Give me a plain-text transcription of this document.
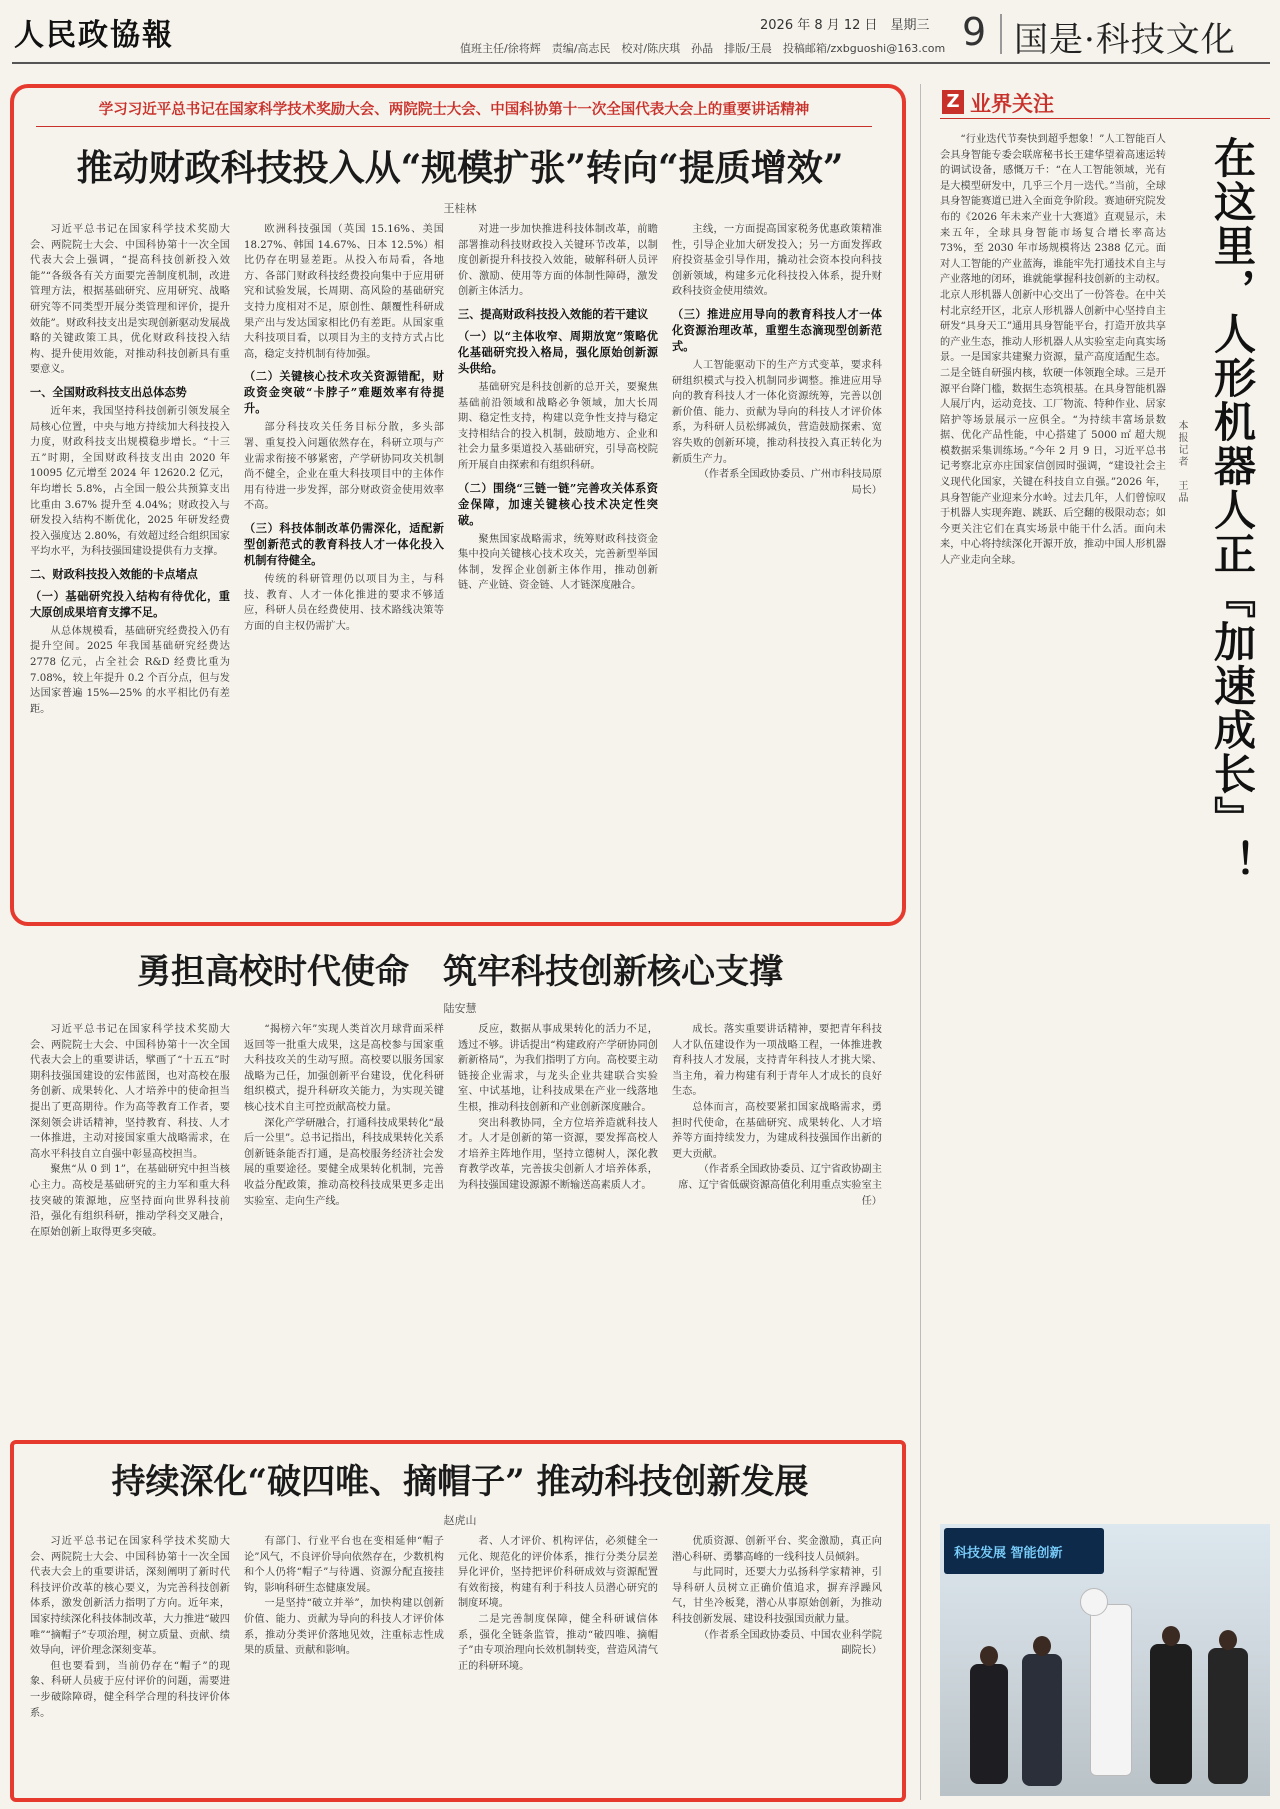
人民政協報	2026 年 8 月 12 日　星期三
值班主任/徐将辉　责编/高志民　校对/陈庆琪　孙晶　排版/王晨　投稿邮箱/zxbguoshi@163.com 9 国是·科技文化
学习习近平总书记在国家科学技术奖励大会、两院院士大会、中国科协第十一次全国代表大会上的重要讲话精神
推动财政科技投入从“规模扩张”转向“提质增效”
王桂林

习近平总书记在国家科学技术奖励大会、两院院士大会、中国科协第十一次全国代表大会上强调，“提高科技创新投入效能”“各级各有关方面要完善制度机制，改进管理方法，根据基础研究、应用研究、战略研究等不同类型开展分类管理和评价，提升效能”。财政科技支出是实现创新驱动发展战略的关键政策工具，优化财政科技投入结构、提升使用效能，对推动科技创新具有重要意义。

一、全国财政科技支出总体态势

近年来，我国坚持科技创新引领发展全局核心位置，中央与地方持续加大科技投入力度，财政科技支出规模稳步增长。“十三五”时期，全国财政科技支出由 2020 年 10095 亿元增至 2024 年 12620.2 亿元，年均增长 5.8%，占全国一般公共预算支出比重由 3.67% 提升至 4.04%；财政投入与研发投入结构不断优化，2025 年研发经费投入强度达 2.80%，有效超过经合组织国家平均水平，为科技强国建设提供有力支撑。

二、财政科技投入效能的卡点堵点
（一）基础研究投入结构有待优化，重大原创成果培育支撑不足。

从总体规模看，基础研究经费投入仍有提升空间。2025 年我国基础研究经费达 2778 亿元，占全社会 R&D 经费比重为 7.08%，较上年提升 0.2 个百分点，但与发达国家普遍 15%—25% 的水平相比仍有差距。

欧洲科技强国（英国 15.16%、美国 18.27%、韩国 14.67%、日本 12.5%）相比仍存在明显差距。从投入布局看，各地方、各部门财政科技经费投向集中于应用研究和试验发展，长周期、高风险的基础研究支持力度相对不足，原创性、颠覆性科研成果产出与发达国家相比仍有差距。从国家重大科技项目看，以项目为主的支持方式占比高，稳定支持机制有待加强。

（二）关键核心技术攻关资源错配，财政资金突破“卡脖子”难题效率有待提升。

部分科技攻关任务目标分散，多头部署、重复投入问题依然存在，科研立项与产业需求衔接不够紧密，产学研协同攻关机制尚不健全，企业在重大科技项目中的主体作用有待进一步发挥，部分财政资金使用效率不高。

（三）科技体制改革仍需深化，适配新型创新范式的教育科技人才一体化投入机制有待健全。

传统的科研管理仍以项目为主，与科技、教育、人才一体化推进的要求不够适应，科研人员在经费使用、技术路线决策等方面的自主权仍需扩大。

对进一步加快推进科技体制改革，前瞻部署推动科技财政投入关键环节改革，以制度创新提升科技投入效能，破解科研人员评价、激励、使用等方面的体制性障碍，激发创新主体活力。

三、提高财政科技投入效能的若干建议
（一）以“主体收窄、周期放宽”策略优化基础研究投入格局，强化原始创新源头供给。

基础研究是科技创新的总开关，要聚焦基础前沿领域和战略必争领域，加大长周期、稳定性支持，构建以竞争性支持与稳定支持相结合的投入机制，鼓励地方、企业和社会力量多渠道投入基础研究，引导高校院所开展自由探索和有组织科研。

（二）围绕“三链一链”完善攻关体系资金保障，加速关键核心技术决定性突破。

聚焦国家战略需求，统筹财政科技资金集中投向关键核心技术攻关，完善新型举国体制，发挥企业创新主体作用，推动创新链、产业链、资金链、人才链深度融合。

主线，一方面提高国家税务优惠政策精准性，引导企业加大研发投入；另一方面发挥政府投资基金引导作用，撬动社会资本投向科技创新领域，构建多元化科技投入体系，提升财政科技资金使用绩效。

（三）推进应用导向的教育科技人才一体化资源治理改革，重塑生态滴现型创新范式。

人工智能驱动下的生产方式变革，要求科研组织模式与投入机制同步调整。推进应用导向的教育科技人才一体化资源统筹，完善以创新价值、能力、贡献为导向的科技人才评价体系，为科研人员松绑减负，营造鼓励探索、宽容失败的创新环境，推动科技投入真正转化为新质生产力。

（作者系全国政协委员、广州市科技局原局长）

勇担高校时代使命　筑牢科技创新核心支撑
陆安慧

习近平总书记在国家科学技术奖励大会、两院院士大会、中国科协第十一次全国代表大会上的重要讲话，擘画了“十五五”时期科技强国建设的宏伟蓝图，也对高校在服务创新、成果转化、人才培养中的使命担当提出了更高期待。作为高等教育工作者，要深刻领会讲话精神，坚持教育、科技、人才一体推进，主动对接国家重大战略需求，在高水平科技自立自强中彰显高校担当。

聚焦“从 0 到 1”，在基础研究中担当核心主力。高校是基础研究的主力军和重大科技突破的策源地，应坚持面向世界科技前沿，强化有组织科研，推动学科交叉融合，在原始创新上取得更多突破。

“揭榜六年”实现人类首次月球背面采样返回等一批重大成果，这是高校参与国家重大科技攻关的生动写照。高校要以服务国家战略为己任，加强创新平台建设，优化科研组织模式，提升科研攻关能力，为实现关键核心技术自主可控贡献高校力量。

深化产学研融合，打通科技成果转化“最后一公里”。总书记指出，科技成果转化关系创新链条能否打通，是高校服务经济社会发展的重要途径。要健全成果转化机制，完善收益分配政策，推动高校科技成果更多走出实验室、走向生产线。

反应，数据从事成果转化的活力不足，透过不够。讲话提出“构建政府产学研协同创新新格局”，为我们指明了方向。高校要主动链接企业需求，与龙头企业共建联合实验室、中试基地，让科技成果在产业一线落地生根，推动科技创新和产业创新深度融合。

突出科教协同，全方位培养造就科技人才。人才是创新的第一资源，要发挥高校人才培养主阵地作用，坚持立德树人，深化教育教学改革，完善拔尖创新人才培养体系，为科技强国建设源源不断输送高素质人才。

成长。落实重要讲话精神，要把青年科技人才队伍建设作为一项战略工程，一体推进教育科技人才发展，支持青年科技人才挑大梁、当主角，着力构建有利于青年人才成长的良好生态。

总体而言，高校要紧扣国家战略需求，勇担时代使命，在基础研究、成果转化、人才培养等方面持续发力，为建成科技强国作出新的更大贡献。

（作者系全国政协委员、辽宁省政协副主席、辽宁省低碳资源高值化利用重点实验室主任）

持续深化“破四唯、摘帽子” 推动科技创新发展
赵虎山

习近平总书记在国家科学技术奖励大会、两院院士大会、中国科协第十一次全国代表大会上的重要讲话，深刻阐明了新时代科技评价改革的核心要义，为完善科技创新体系，激发创新活力指明了方向。近年来，国家持续深化科技体制改革，大力推进“破四唯”“摘帽子”专项治理，树立质量、贡献、绩效导向，评价理念深刻变革。

但也要看到，当前仍存在“帽子”的现象、科研人员疲于应付评价的问题，需要进一步破除障碍，健全科学合理的科技评价体系。

有部门、行业平台也在变相延伸“帽子论”风气，不良评价导向依然存在，少数机构和个人仍将“帽子”与待遇、资源分配直接挂钩，影响科研生态健康发展。

一是坚持“破立并举”，加快构建以创新价值、能力、贡献为导向的科技人才评价体系，推动分类评价落地见效，注重标志性成果的质量、贡献和影响。

者、人才评价、机构评估，必须健全一元化、规范化的评价体系，推行分类分层差异化评价，坚持把评价科研成效与资源配置有效衔接，构建有利于科技人员潜心研究的制度环境。

二是完善制度保障，健全科研诚信体系，强化全链条监管，推动“破四唯、摘帽子”由专项治理向长效机制转变，营造风清气正的科研环境。

优质资源、创新平台、奖金激励，真正向潜心科研、勇攀高峰的一线科技人员倾斜。

与此同时，还要大力弘扬科学家精神，引导科研人员树立正确价值追求，摒弃浮躁风气，甘坐冷板凳，潜心从事原始创新，为推动科技创新发展、建设科技强国贡献力量。

（作者系全国政协委员、中国农业科学院副院长）

Z 业界关注
在这里，人形机器人正『加速成长』！
本报记者　王晶

“行业迭代节奏快到超乎想象！”人工智能百人会具身智能专委会联席秘书长王建华望着高速运转的调试设备，感慨万千：“在人工智能领域，光有是大模型研发中，几乎三个月一迭代。”当前，全球具身智能赛道已进入全面竞争阶段。赛迪研究院发布的《2026 年未来产业十大赛道》直观显示，未来五年，全球具身智能市场复合增长率高达 73%，至 2030 年市场规模将达 2388 亿元。面对人工智能的产业蓝海，谁能牢先打通技术自主与产业落地的闭环，谁就能掌握科技创新的主动权。北京人形机器人创新中心交出了一份答卷。在中关村北京经开区，北京人形机器人创新中心坚持自主研发“具身天工”通用具身智能平台，打造开放共享的产业生态，推动人形机器人从实验室走向真实场景。一是国家共建聚力资源，量产高度适配生态。二是全链自研强内核，软硬一体领跑全球。三是开源平台降门槛，数据生态筑根基。在具身智能机器人展厅内，运动竞技、工厂物流、特种作业、居家陪护等场景展示一应俱全。“为持续丰富场景数据、优化产品性能，中心搭建了 5000 ㎡ 超大规模数据采集训练场。”今年 2 月 9 日，习近平总书记考察北京亦庄国家信创园时强调，“建设社会主义现代化国家，关键在科技自立自强。”2026 年，具身智能产业迎来分水岭。过去几年，人们曾惊叹于机器人实现奔跑、跳跃、后空翻的极限动态；如今更关注它们在真实场景中能干什么活。面向未来，中心将持续深化开源开放，推动中国人形机器人产业走向全球。

科技发展 智能创新
